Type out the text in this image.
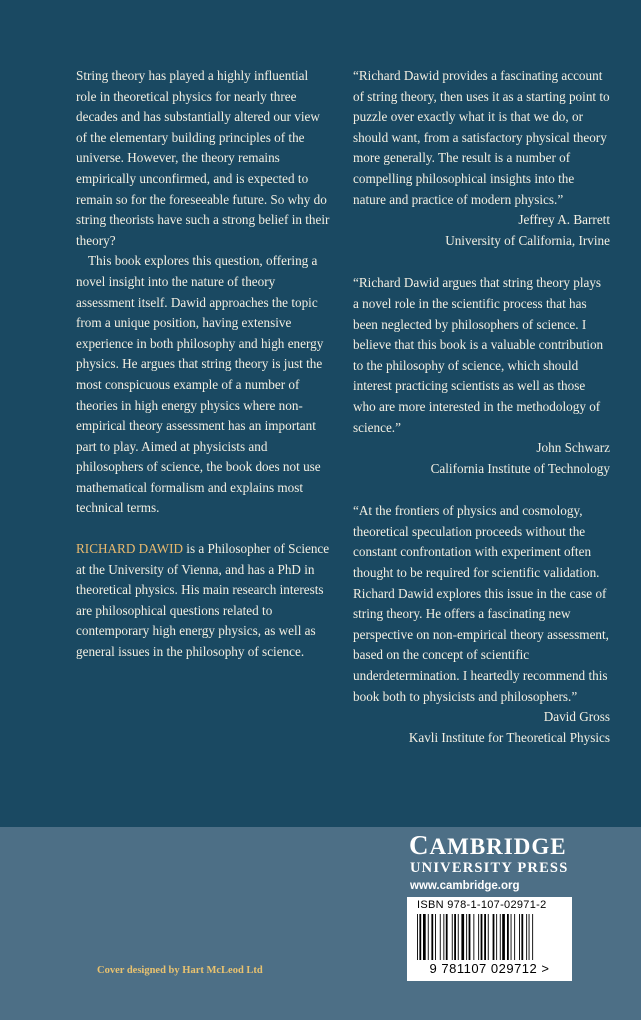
String theory has played a highly influential role in theoretical physics for nearly three decades and has substantially altered our view of the elementary building principles of the universe. However, the theory remains empirically unconfirmed, and is expected to remain so for the foreseeable future. So why do string theorists have such a strong belief in their theory?

This book explores this question, offering a novel insight into the nature of theory assessment itself. Dawid approaches the topic from a unique position, having extensive experience in both philosophy and high energy physics. He argues that string theory is just the most conspicuous example of a number of theories in high energy physics where non-empirical theory assessment has an important part to play. Aimed at physicists and philosophers of science, the book does not use mathematical formalism and explains most technical terms.

RICHARD DAWID is a Philosopher of Science at the University of Vienna, and has a PhD in theoretical physics. His main research interests are philosophical questions related to contemporary high energy physics, as well as general issues in the philosophy of science.

“Richard Dawid provides a fascinating account of string theory, then uses it as a starting point to puzzle over exactly what it is that we do, or should want, from a satisfactory physical theory more generally. The result is a number of compelling philosophical insights into the nature and practice of modern physics.”

Jeffrey A. Barrett

University of California, Irvine

“Richard Dawid argues that string theory plays a novel role in the scientific process that has been neglected by philosophers of science. I believe that this book is a valuable contribution to the philosophy of science, which should interest practicing scientists as well as those who are more interested in the methodology of science.”

John Schwarz

California Institute of Technology

“At the frontiers of physics and cosmology, theoretical speculation proceeds without the constant confrontation with experiment often thought to be required for scientific validation. Richard Dawid explores this issue in the case of string theory. He offers a fascinating new perspective on non-empirical theory assessment, based on the concept of scientific underdetermination. I heartedly recommend this book both to physicists and philosophers.”

David Gross

Kavli Institute for Theoretical Physics

Cover designed by Hart McLeod Ltd
CAMBRIDGE
UNIVERSITY PRESS
www.cambridge.org
ISBN 978-1-107-02971-2
9 781107 029712 >
